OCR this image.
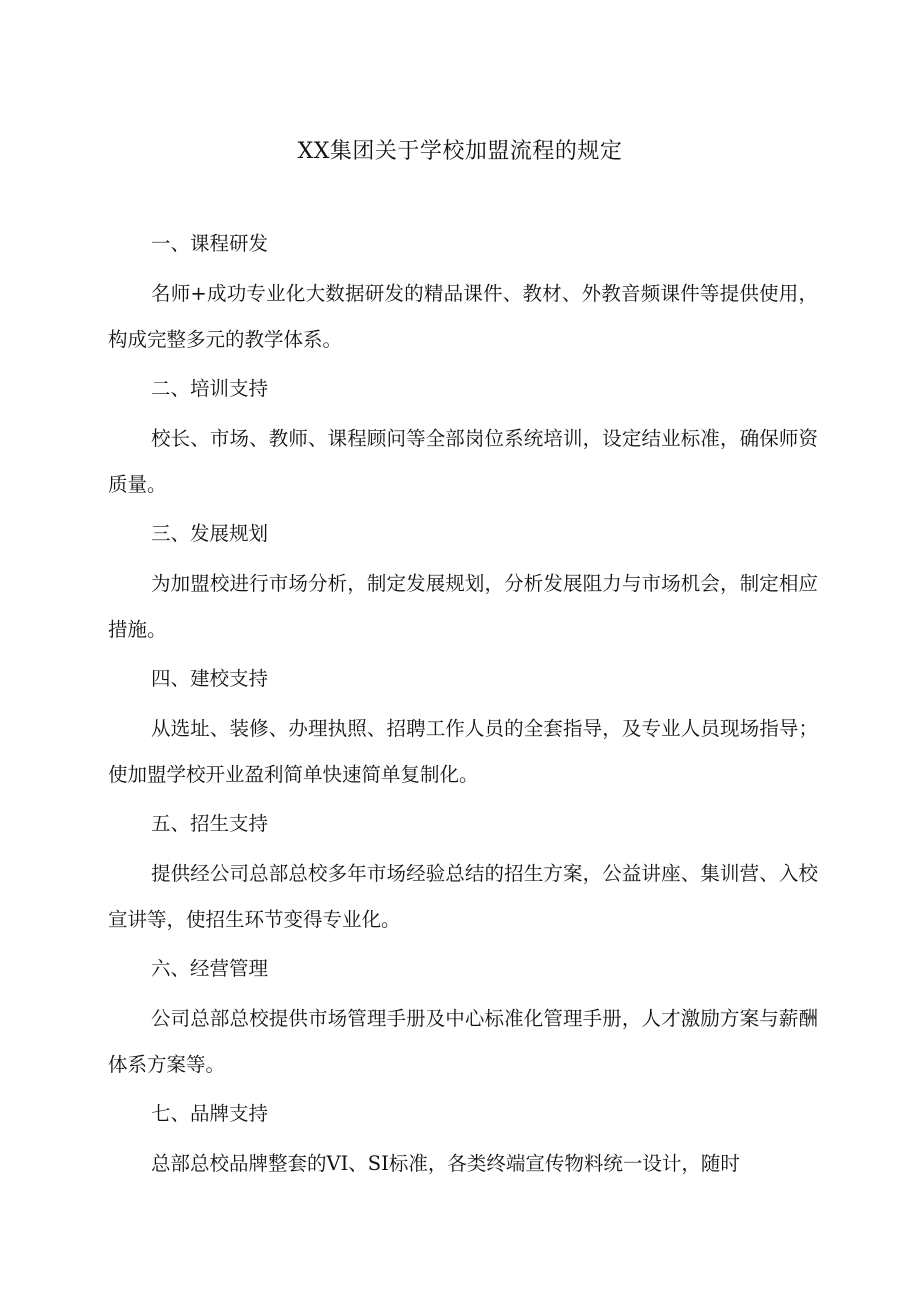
XX集团关于学校加盟流程的规定

一、课程研发

名师+成功专业化大数据研发的精品课件、教材、外教音频课件等提供使用，构成完整多元的教学体系。

二、培训支持

校长、市场、教师、课程顾问等全部岗位系统培训，设定结业标准，确保师资质量。

三、发展规划

为加盟校进行市场分析，制定发展规划，分析发展阻力与市场机会，制定相应措施。

四、建校支持

从选址、装修、办理执照、招聘工作人员的全套指导，及专业人员现场指导；使加盟学校开业盈利简单快速简单复制化。

五、招生支持

提供经公司总部总校多年市场经验总结的招生方案，公益讲座、集训营、入校宣讲等，使招生环节变得专业化。

六、经营管理

公司总部总校提供市场管理手册及中心标准化管理手册，人才激励方案与薪酬体系方案等。

七、品牌支持

总部总校品牌整套的VI、SI标准，各类终端宣传物料统一设计，随时
